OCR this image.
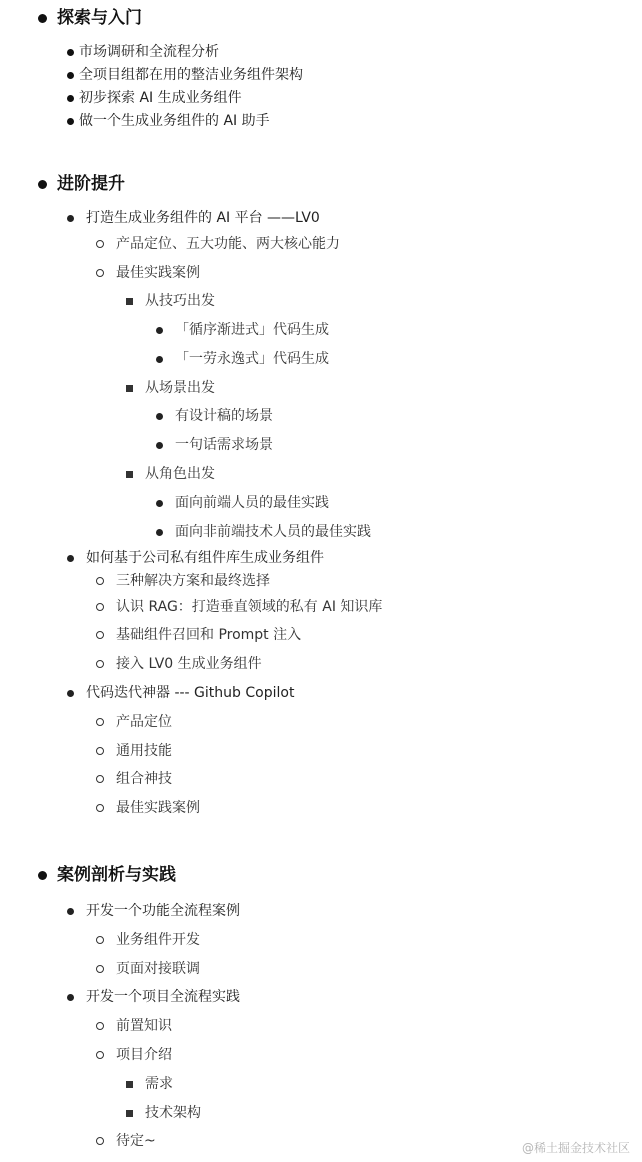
探索与入门
市场调研和全流程分析
全项目组都在用的整洁业务组件架构
初步探索 AI 生成业务组件
做一个生成业务组件的 AI 助手
进阶提升
打造生成业务组件的 AI 平台 ——LV0
产品定位、五大功能、两大核心能力
最佳实践案例
从技巧出发
「循序渐进式」代码生成
「一劳永逸式」代码生成
从场景出发
有设计稿的场景
一句话需求场景
从角色出发
面向前端人员的最佳实践
面向非前端技术人员的最佳实践
如何基于公司私有组件库生成业务组件
三种解决方案和最终选择
认识 RAG：打造垂直领域的私有 AI 知识库
基础组件召回和 Prompt 注入
接入 LV0 生成业务组件
代码迭代神器 --- Github Copilot
产品定位
通用技能
组合神技
最佳实践案例
案例剖析与实践
开发一个功能全流程案例
业务组件开发
页面对接联调
开发一个项目全流程实践
前置知识
项目介绍
需求
技术架构
待定~	@稀土掘金技术社区
